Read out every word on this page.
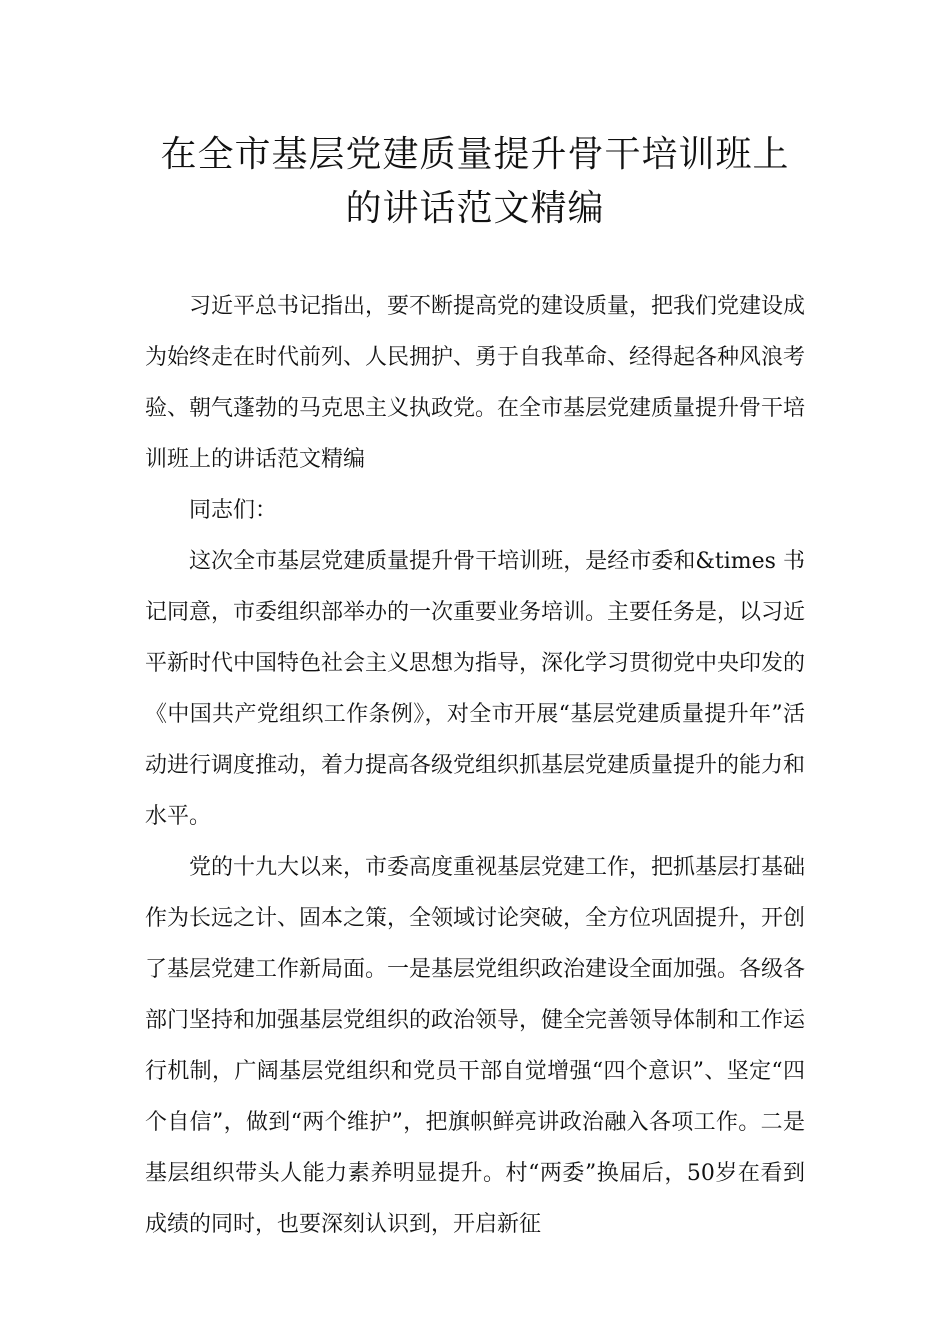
在全市基层党建质量提升骨干培训班上
的讲话范文精编

习近平总书记指出，要不断提高党的建设质量，把我们党建设成为始终走在时代前列、人民拥护、勇于自我革命、经得起各种风浪考验、朝气蓬勃的马克思主义执政党。在全市基层党建质量提升骨干培训班上的讲话范文精编

同志们：

这次全市基层党建质量提升骨干培训班，是经市委和&times 书记同意，市委组织部举办的一次重要业务培训。主要任务是，以习近平新时代中国特色社会主义思想为指导，深化学习贯彻党中央印发的《中国共产党组织工作条例》，对全市开展“基层党建质量提升年”活动进行调度推动，着力提高各级党组织抓基层党建质量提升的能力和水平。

党的十九大以来，市委高度重视基层党建工作，把抓基层打基础作为长远之计、固本之策，全领域讨论突破，全方位巩固提升，开创了基层党建工作新局面。一是基层党组织政治建设全面加强。各级各部门坚持和加强基层党组织的政治领导，健全完善领导体制和工作运行机制，广阔基层党组织和党员干部自觉增强“四个意识”、坚定“四个自信”，做到“两个维护”，把旗帜鲜亮讲政治融入各项工作。二是基层组织带头人能力素养明显提升。村“两委”换届后，50岁在看到成绩的同时，也要深刻认识到，开启新征
